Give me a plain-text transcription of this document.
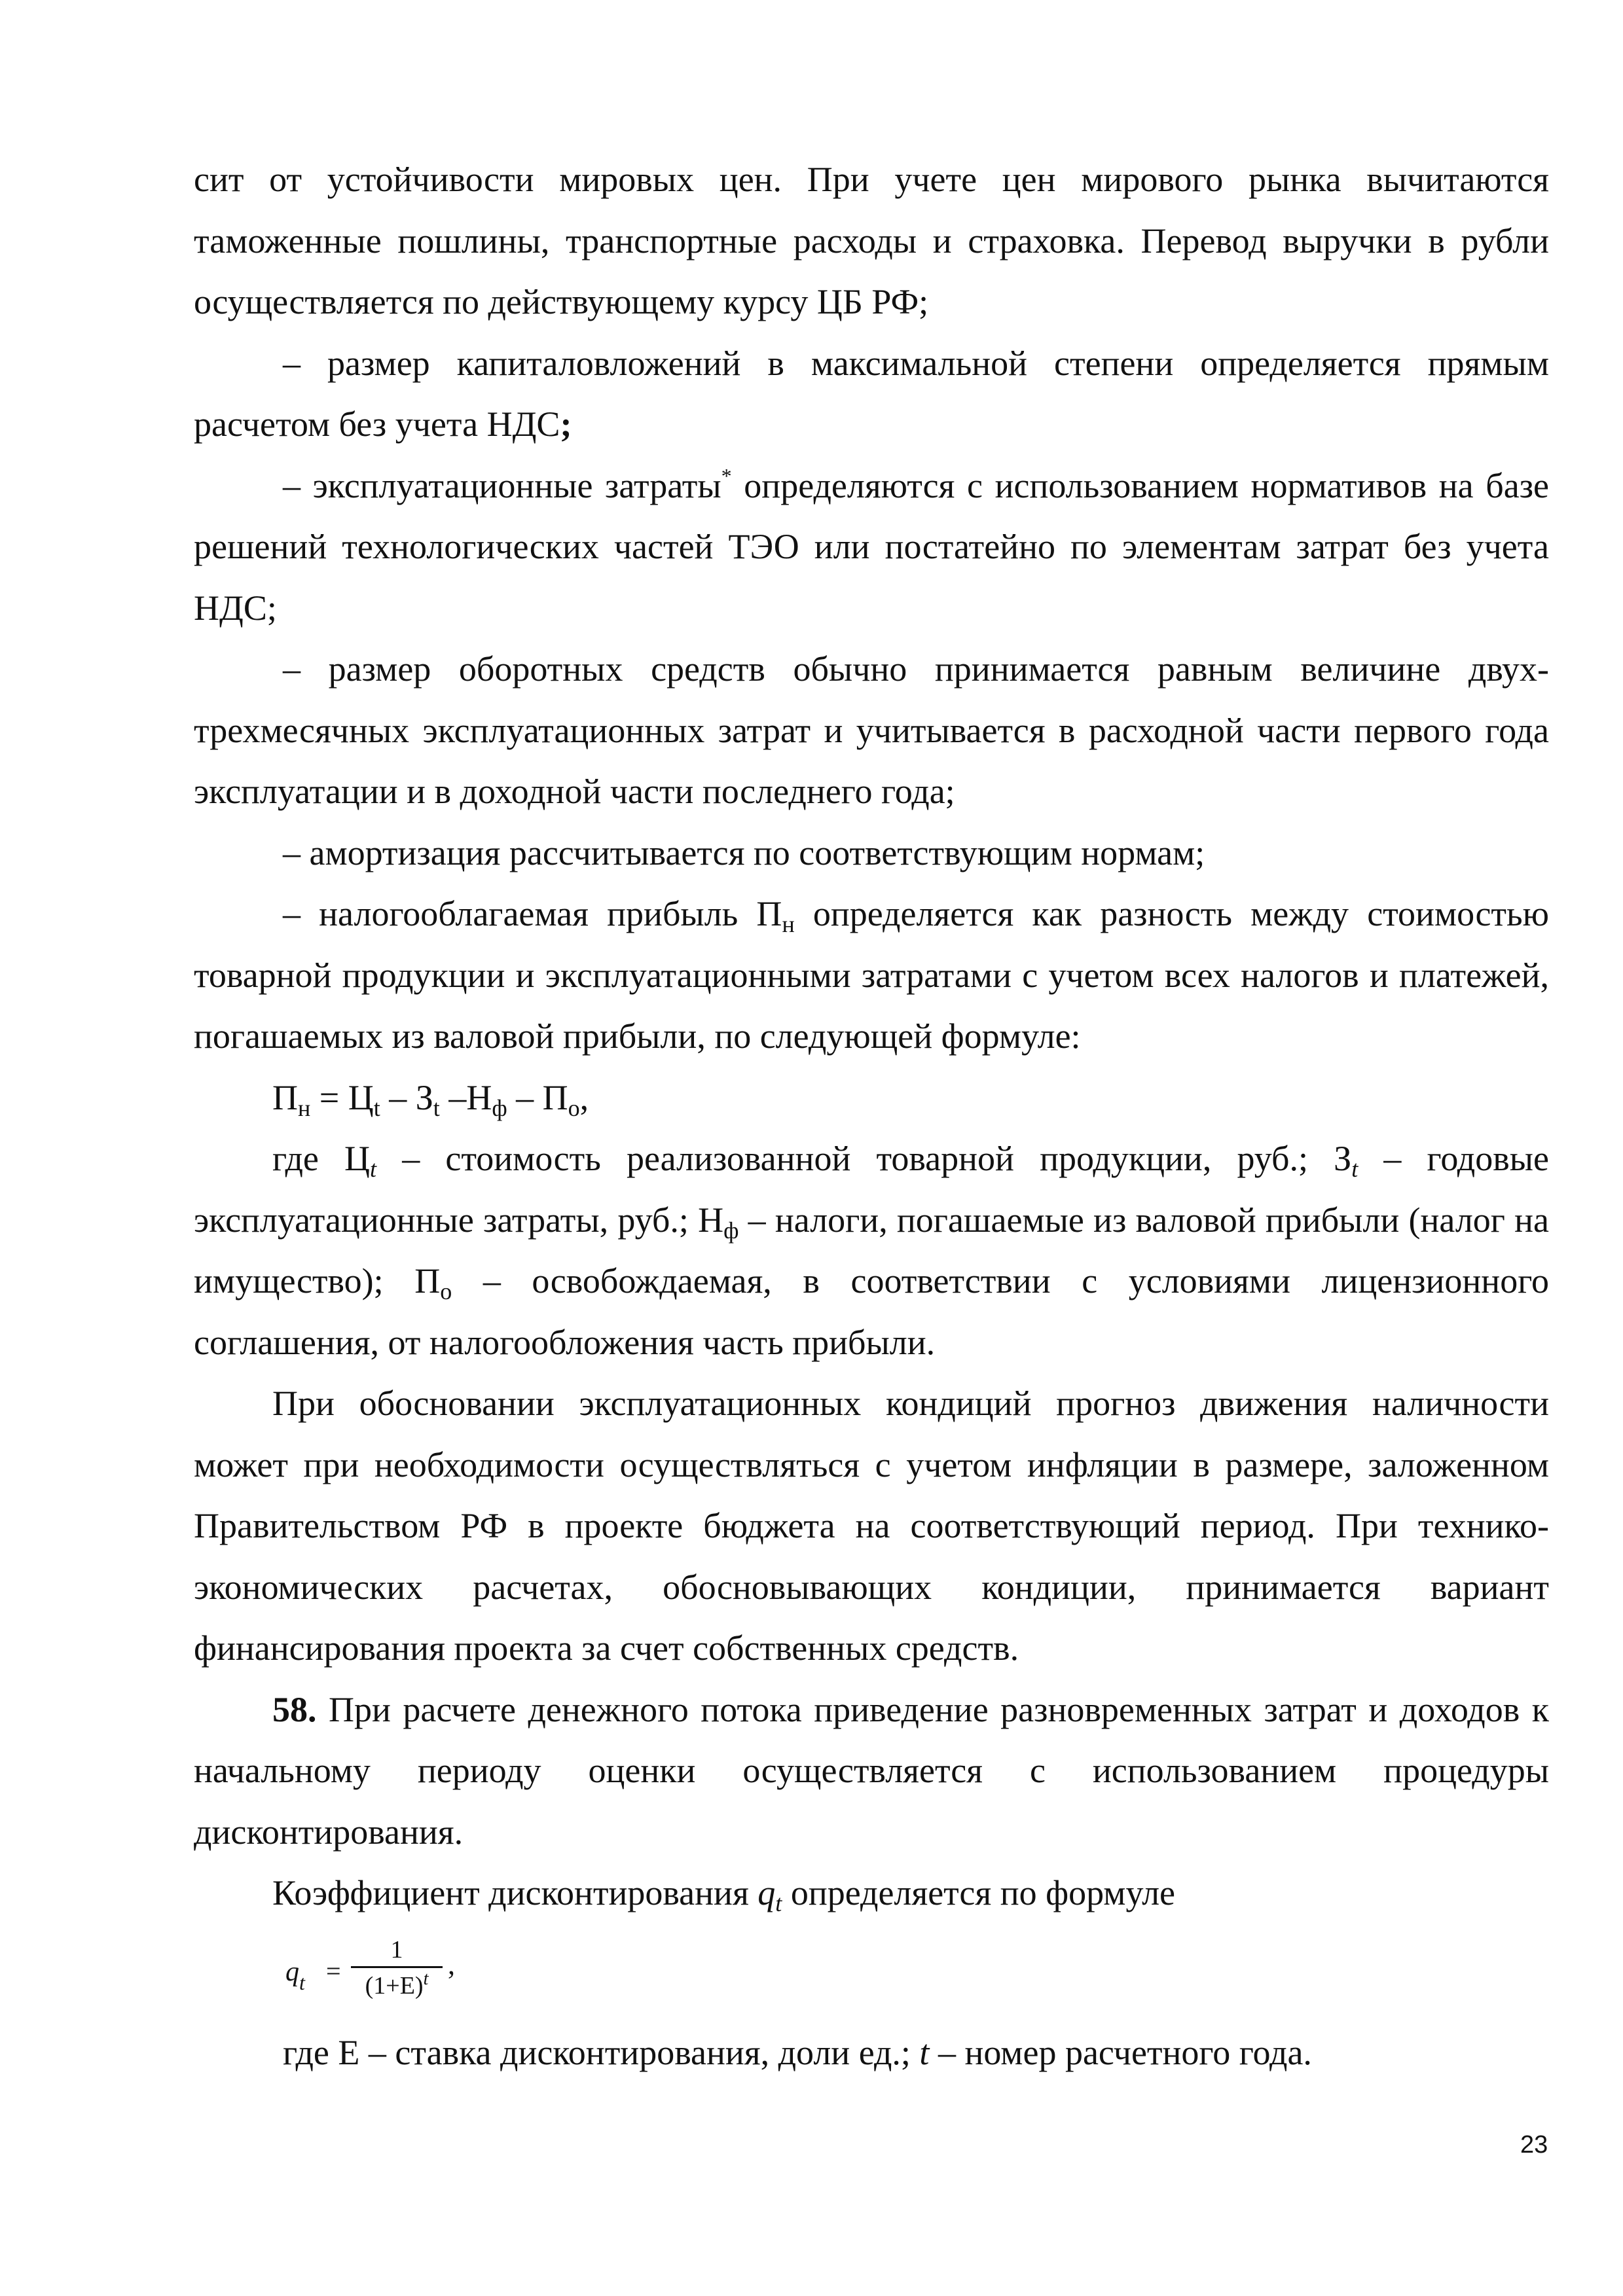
сит от устойчивости мировых цен. При учете цен мирового рынка вычитаются таможенные пошлины, транспортные расходы и страховка. Перевод выручки в рубли осуществляется по действующему курсу ЦБ РФ;

– размер капиталовложений в максимальной степени определяется прямым расчетом без учета НДС;

– эксплуатационные затраты* определяются с использованием нормативов на базе решений технологических частей ТЭО или постатейно по элементам затрат без учета НДС;

– размер оборотных средств обычно принимается равным величине двух-трехмесячных эксплуатационных затрат и учитывается в расходной части первого года эксплуатации и в доходной части последнего года;

– амортизация рассчитывается по соответствующим нормам;

– налогооблагаемая прибыль $П_н$ определяется как разность между стоимостью товарной продукции и эксплуатационными затратами с учетом всех налогов и платежей, погашаемых из валовой прибыли, по следующей формуле:

$П_н = Ц_t - З_t$ $-Н_ф - П_о$,

где $Ц_t$ – стоимость реализованной товарной продукции, руб.; $З_t$ – годовые эксплуатационные затраты, руб.; $Н_ф$ – налоги, погашаемые из валовой прибыли (налог на имущество); $П_о$ – освобождаемая, в соответствии с условиями лицензионного соглашения, от налогообложения часть прибыли.

При обосновании эксплуатационных кондиций прогноз движения наличности может при необходимости осуществляться с учетом инфляции в размере, заложенном Правительством РФ в проекте бюджета на соответствующий период. При технико-экономических расчетах, обосновывающих кондиции, принимается вариант финансирования проекта за счет собственных средств.

58. При расчете денежного потока приведение разновременных затрат и доходов к начальному периоду оценки осуществляется с использованием процедуры дисконтирования.

Коэффициент дисконтирования $q_t$ определяется по формуле

$q_t$ =
1
$(1+E)^t$ ,

где Е – ставка дисконтирования, доли ед.; t – номер расчетного года.

23
